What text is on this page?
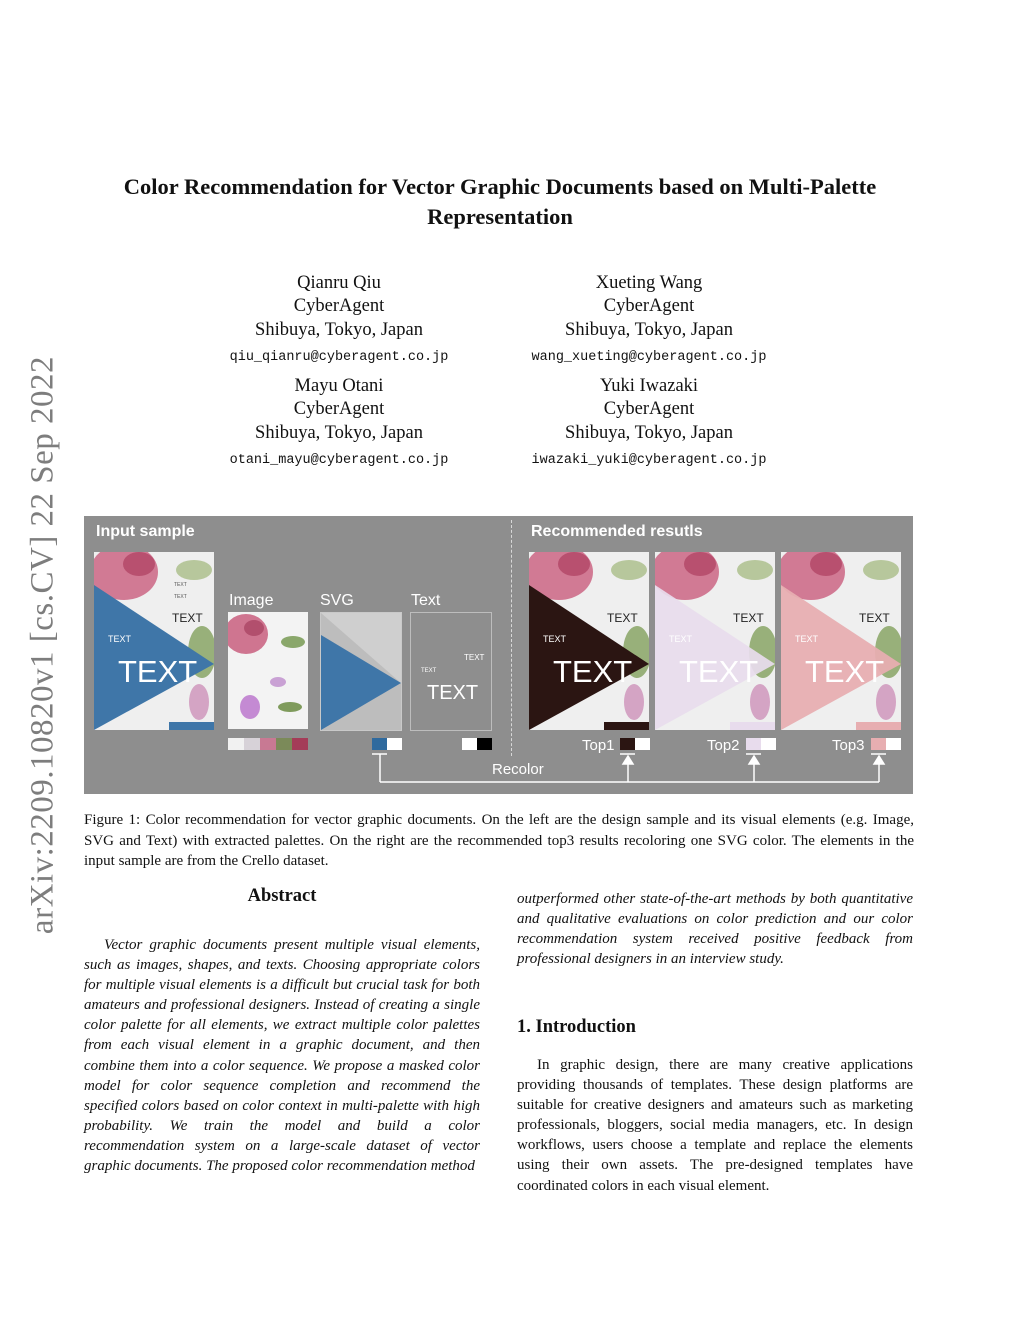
arXiv:2209.10820v1 [cs.CV] 22 Sep 2022
Color Recommendation for Vector Graphic Documents based on Multi-Palette Representation
Qianru Qiu
CyberAgent
Shibuya, Tokyo, Japan
qiu_qianru@cyberagent.co.jp
Xueting Wang
CyberAgent
Shibuya, Tokyo, Japan
wang_xueting@cyberagent.co.jp
Mayu Otani
CyberAgent
Shibuya, Tokyo, Japan
otani_mayu@cyberagent.co.jp
Yuki Iwazaki
CyberAgent
Shibuya, Tokyo, Japan
iwazaki_yuki@cyberagent.co.jp
Input sample	Recommended resutls
TEXT
TEXT
TEXT
TEXT
TEXT
Image	SVG	Text
TEXT
TEXT
TEXT
TEXT
TEXT
TEXT
TEXT
TEXT
TEXT
TEXT
TEXT
TEXT
Top1	Top2	Top3
Recolor
Figure 1: Color recommendation for vector graphic documents. On the left are the design sample and its visual elements (e.g. Image, SVG and Text) with extracted palettes. On the right are the recommended top3 results recoloring one SVG color. The elements in the input sample are from the Crello dataset.
Abstract
Vector graphic documents present multiple visual elements, such as images, shapes, and texts. Choosing appropriate colors for multiple visual elements is a difficult but crucial task for both amateurs and professional designers. Instead of creating a single color palette for all elements, we extract multiple color palettes from each visual element in a graphic document, and then combine them into a color sequence. We propose a masked color model for color sequence completion and recommend the specified colors based on color context in multi-palette with high probability. We train the model and build a color recommendation system on a large-scale dataset of vector graphic documents. The proposed color recommendation method
outperformed other state-of-the-art methods by both quantitative and qualitative evaluations on color prediction and our color recommendation system received positive feedback from professional designers in an interview study.
1. Introduction
In graphic design, there are many creative applications providing thousands of templates. These design platforms are suitable for creative designers and amateurs such as marketing professionals, bloggers, social media managers, etc. In design workflows, users choose a template and replace the elements using their own assets. The pre-designed templates have coordinated colors in each visual element.
